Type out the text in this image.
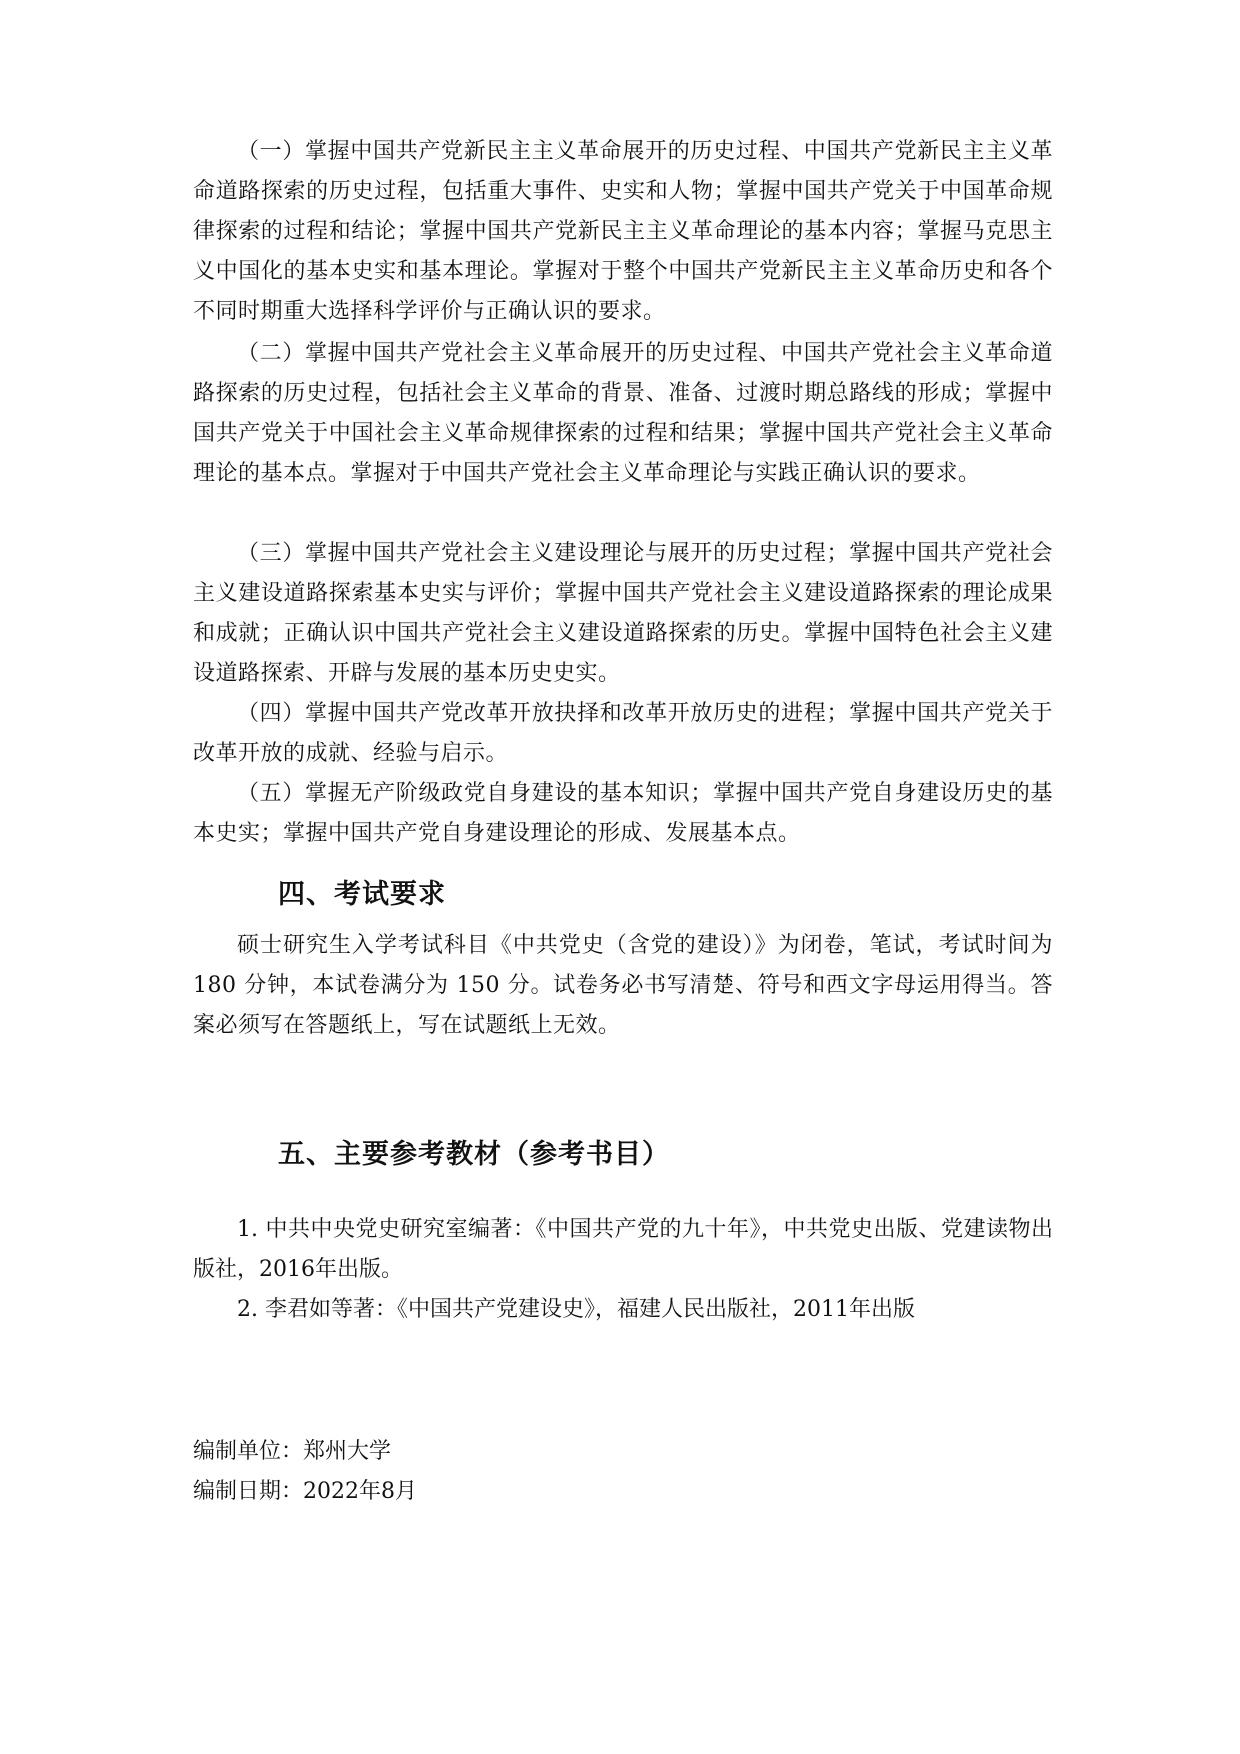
（一）掌握中国共产党新民主主义革命展开的历史过程、中国共产党新民主主义革命道路探索的历史过程，包括重大事件、史实和人物；掌握中国共产党关于中国革命规律探索的过程和结论；掌握中国共产党新民主主义革命理论的基本内容；掌握马克思主义中国化的基本史实和基本理论。掌握对于整个中国共产党新民主主义革命历史和各个不同时期重大选择科学评价与正确认识的要求。

（二）掌握中国共产党社会主义革命展开的历史过程、中国共产党社会主义革命道路探索的历史过程，包括社会主义革命的背景、准备、过渡时期总路线的形成；掌握中国共产党关于中国社会主义革命规律探索的过程和结果；掌握中国共产党社会主义革命理论的基本点。掌握对于中国共产党社会主义革命理论与实践正确认识的要求。

（三）掌握中国共产党社会主义建设理论与展开的历史过程；掌握中国共产党社会主义建设道路探索基本史实与评价；掌握中国共产党社会主义建设道路探索的理论成果和成就；正确认识中国共产党社会主义建设道路探索的历史。掌握中国特色社会主义建设道路探索、开辟与发展的基本历史史实。

（四）掌握中国共产党改革开放抉择和改革开放历史的进程；掌握中国共产党关于改革开放的成就、经验与启示。

（五）掌握无产阶级政党自身建设的基本知识；掌握中国共产党自身建设历史的基本史实；掌握中国共产党自身建设理论的形成、发展基本点。

四、考试要求

硕士研究生入学考试科目《中共党史（含党的建设）》为闭卷，笔试，考试时间为 180 分钟，本试卷满分为 150 分。试卷务必书写清楚、符号和西文字母运用得当。答案必须写在答题纸上，写在试题纸上无效。

五、主要参考教材（参考书目）

1. 中共中央党史研究室编著：《中国共产党的九十年》，中共党史出版、党建读物出版社，2016年出版。

2. 李君如等著：《中国共产党建设史》，福建人民出版社，2011年出版

编制单位：郑州大学

编制日期：2022年8月
